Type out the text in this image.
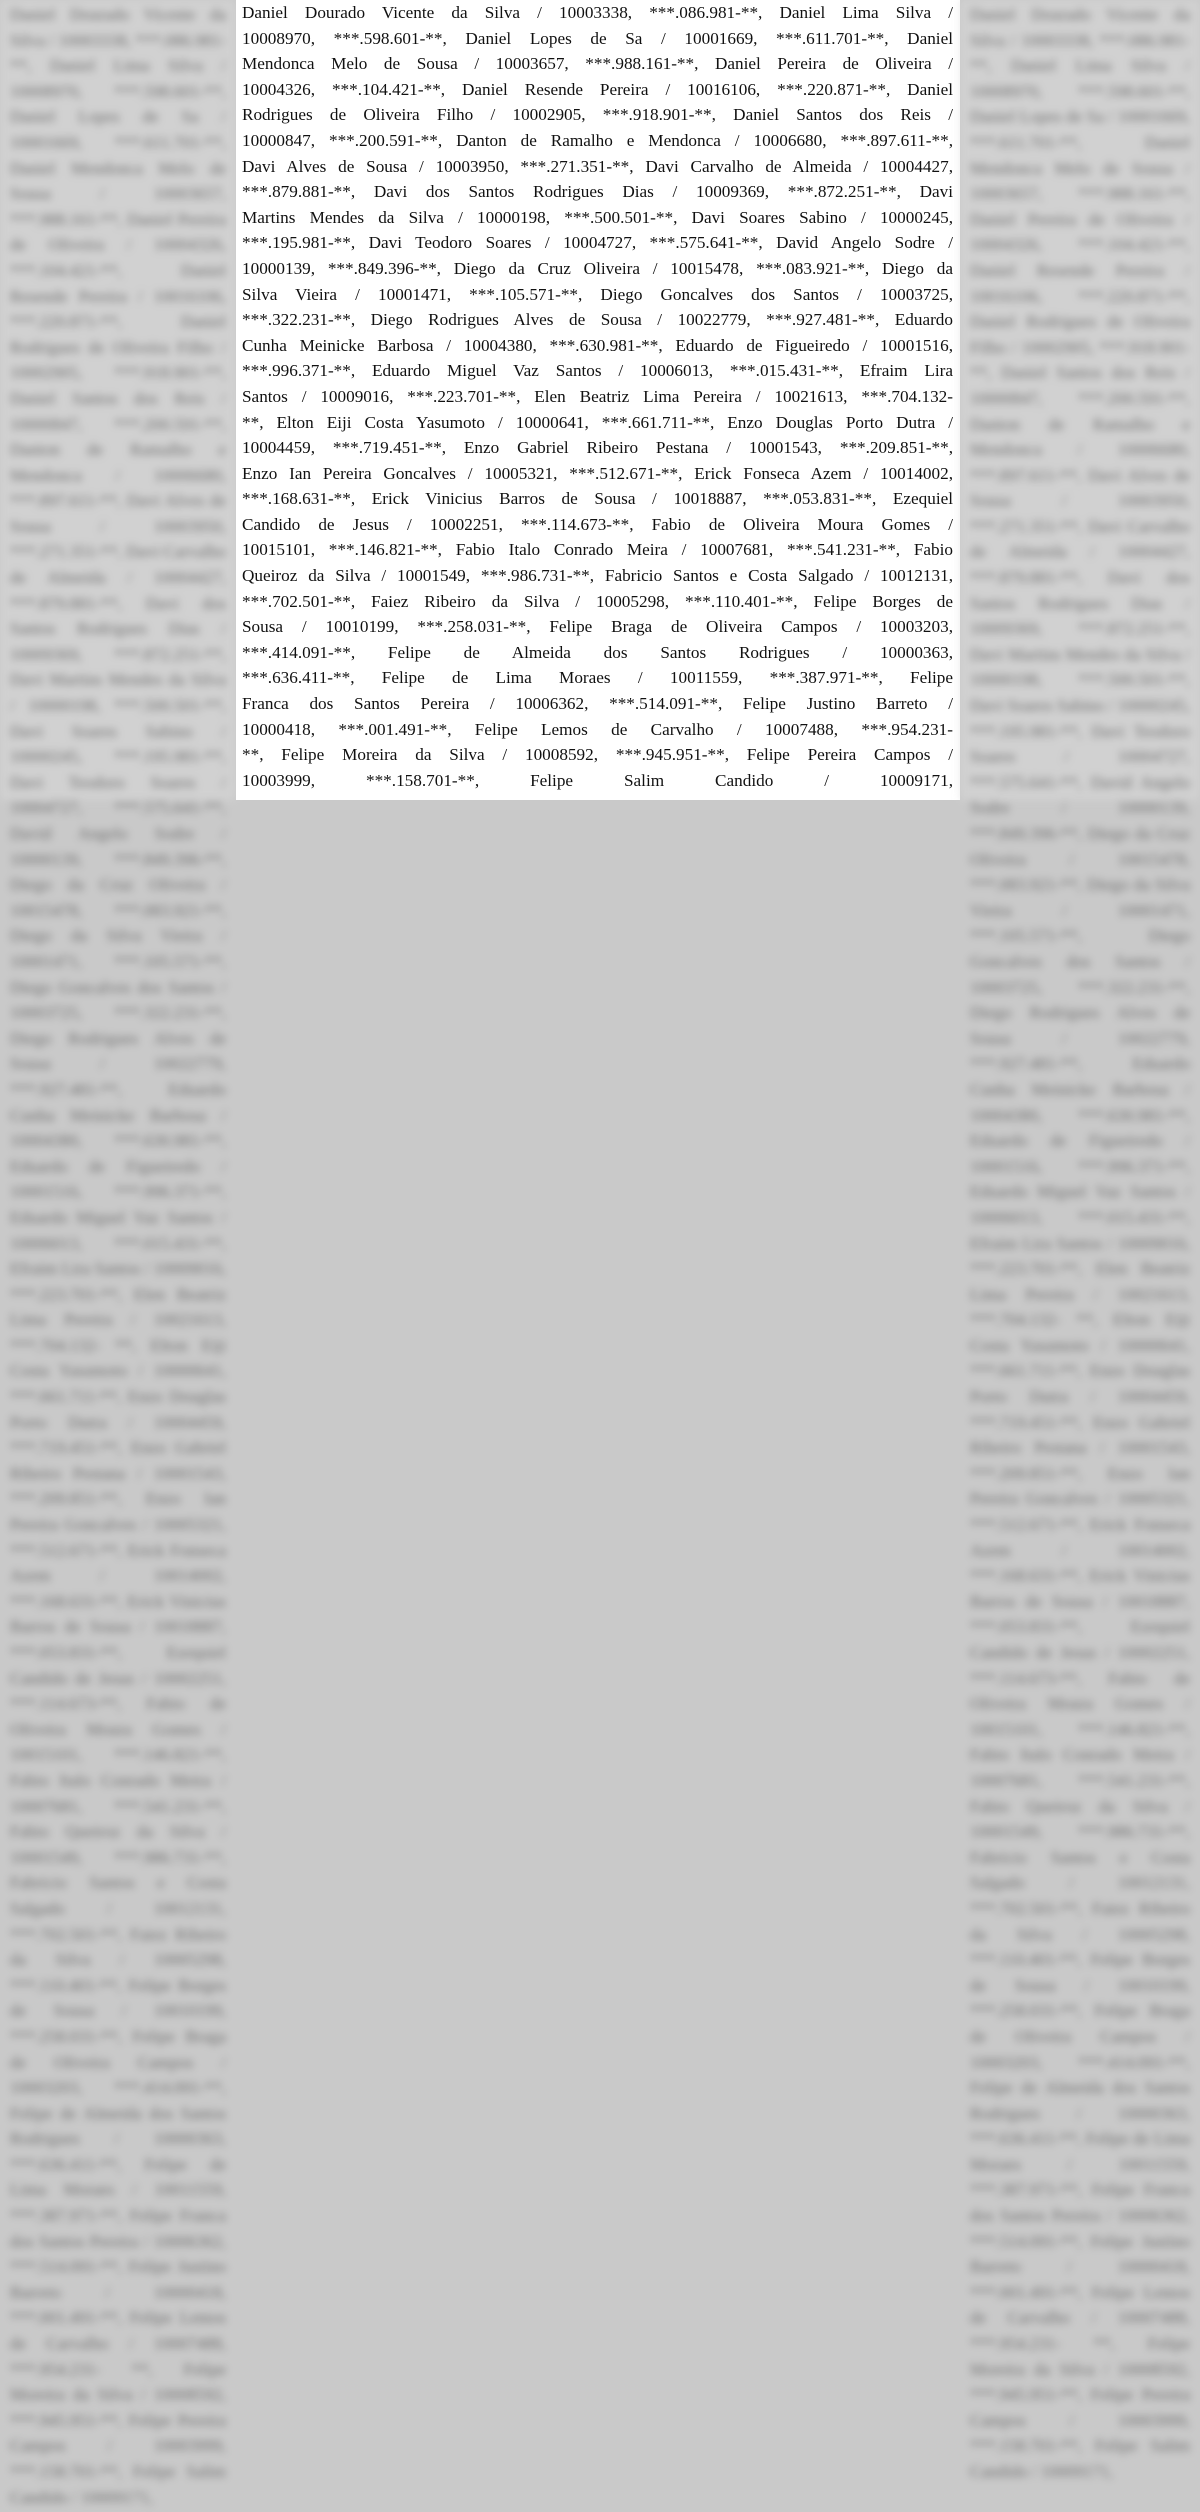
Daniel Dourado Vicente da Silva / 10003338, ***.086.981-**, Daniel Lima Silva / 10008970, ***.598.601-**, Daniel Lopes de Sa / 10001669, ***.611.701-**, Daniel Mendonca Melo de Sousa / 10003657, ***.988.161-**, Daniel Pereira de Oliveira / 10004326, ***.104.421-**, Daniel Resende Pereira / 10016106, ***.220.871-**, Daniel Rodrigues de Oliveira Filho / 10002905, ***.918.901-**, Daniel Santos dos Reis / 10000847, ***.200.591-**, Danton de Ramalho e Mendonca / 10006680, ***.897.611-**, Davi Alves de Sousa / 10003950, ***.271.351-**, Davi Carvalho de Almeida / 10004427, ***.879.881-**, Davi dos Santos Rodrigues Dias / 10009369, ***.872.251-**, Davi Martins Mendes da Silva / 10000198, ***.500.501-**, Davi Soares Sabino / 10000245, ***.195.981-**, Davi Teodoro Soares / 10004727, ***.575.641-**, David Angelo Sodre / 10000139, ***.849.396-**, Diego da Cruz Oliveira / 10015478, ***.083.921-**, Diego da Silva Vieira / 10001471, ***.105.571-**, Diego Goncalves dos Santos / 10003725, ***.322.231-**, Diego Rodrigues Alves de Sousa / 10022779, ***.927.481-**, Eduardo Cunha Meinicke Barbosa / 10004380, ***.630.981-**, Eduardo de Figueiredo / 10001516, ***.996.371-**, Eduardo Miguel Vaz Santos / 10006013, ***.015.431-**, Efraim Lira Santos / 10009016, ***.223.701-**, Elen Beatriz Lima Pereira / 10021613, ***.704.132- **, Elton Eiji Costa Yasumoto / 10000641, ***.661.711-**, Enzo Douglas Porto Dutra / 10004459, ***.719.451-**, Enzo Gabriel Ribeiro Pestana / 10001543, ***.209.851-**, Enzo Ian Pereira Goncalves / 10005321, ***.512.671-**, Erick Fonseca Azem / 10014002, ***.168.631-**, Erick Vinicius Barros de Sousa / 10018887, ***.053.831-**, Ezequiel Candido de Jesus / 10002251, ***.114.673-**, Fabio de Oliveira Moura Gomes / 10015101, ***.146.821-**, Fabio Italo Conrado Meira / 10007681, ***.541.231-**, Fabio Queiroz da Silva / 10001549, ***.986.731-**, Fabricio Santos e Costa Salgado / 10012131, ***.702.501-**, Faiez Ribeiro da Silva / 10005298, ***.110.401-**, Felipe Borges de Sousa / 10010199, ***.258.031-**, Felipe Braga de Oliveira Campos / 10003203, ***.414.091-**, Felipe de Almeida dos Santos Rodrigues / 10000363, ***.636.411-**, Felipe de Lima Moraes / 10011559, ***.387.971-**, Felipe Franca dos Santos Pereira / 10006362, ***.514.091-**, Felipe Justino Barreto / 10000418, ***.001.491-**, Felipe Lemos de Carvalho / 10007488, ***.954.231- **, Felipe Moreira da Silva / 10008592, ***.945.951-**, Felipe Pereira Campos / 10003999, ***.158.701-**, Felipe Salim Candido / 10009171,
Daniel Dourado Vicente da Silva / 10003338, ***.086.981-**, Daniel Lima Silva /
10008970, ***.598.601-**, Daniel Lopes de Sa / 10001669, ***.611.701-**, Daniel
Mendonca Melo de Sousa / 10003657, ***.988.161-**, Daniel Pereira de Oliveira /
10004326, ***.104.421-**, Daniel Resende Pereira / 10016106, ***.220.871-**, Daniel
Rodrigues de Oliveira Filho / 10002905, ***.918.901-**, Daniel Santos dos Reis /
10000847, ***.200.591-**, Danton de Ramalho e Mendonca / 10006680, ***.897.611-**,
Davi Alves de Sousa / 10003950, ***.271.351-**, Davi Carvalho de Almeida / 10004427,
***.879.881-**, Davi dos Santos Rodrigues Dias / 10009369, ***.872.251-**, Davi
Martins Mendes da Silva / 10000198, ***.500.501-**, Davi Soares Sabino / 10000245,
***.195.981-**, Davi Teodoro Soares / 10004727, ***.575.641-**, David Angelo Sodre /
10000139, ***.849.396-**, Diego da Cruz Oliveira / 10015478, ***.083.921-**, Diego da
Silva Vieira / 10001471, ***.105.571-**, Diego Goncalves dos Santos / 10003725,
***.322.231-**, Diego Rodrigues Alves de Sousa / 10022779, ***.927.481-**, Eduardo
Cunha Meinicke Barbosa / 10004380, ***.630.981-**, Eduardo de Figueiredo / 10001516,
***.996.371-**, Eduardo Miguel Vaz Santos / 10006013, ***.015.431-**, Efraim Lira
Santos / 10009016, ***.223.701-**, Elen Beatriz Lima Pereira / 10021613, ***.704.132-
**, Elton Eiji Costa Yasumoto / 10000641, ***.661.711-**, Enzo Douglas Porto Dutra /
10004459, ***.719.451-**, Enzo Gabriel Ribeiro Pestana / 10001543, ***.209.851-**,
Enzo Ian Pereira Goncalves / 10005321, ***.512.671-**, Erick Fonseca Azem / 10014002,
***.168.631-**, Erick Vinicius Barros de Sousa / 10018887, ***.053.831-**, Ezequiel
Candido de Jesus / 10002251, ***.114.673-**, Fabio de Oliveira Moura Gomes /
10015101, ***.146.821-**, Fabio Italo Conrado Meira / 10007681, ***.541.231-**, Fabio
Queiroz da Silva / 10001549, ***.986.731-**, Fabricio Santos e Costa Salgado / 10012131,
***.702.501-**, Faiez Ribeiro da Silva / 10005298, ***.110.401-**, Felipe Borges de
Sousa / 10010199, ***.258.031-**, Felipe Braga de Oliveira Campos / 10003203,
***.414.091-**, Felipe de Almeida dos Santos Rodrigues / 10000363,
***.636.411-**, Felipe de Lima Moraes / 10011559, ***.387.971-**, Felipe
Franca dos Santos Pereira / 10006362, ***.514.091-**, Felipe Justino Barreto /
10000418, ***.001.491-**, Felipe Lemos de Carvalho / 10007488, ***.954.231-
**, Felipe Moreira da Silva / 10008592, ***.945.951-**, Felipe Pereira Campos /
10003999, ***.158.701-**, Felipe Salim Candido / 10009171,
Daniel Dourado Vicente da Silva / 10003338, ***.086.981-**, Daniel Lima Silva / 10008970, ***.598.601-**, Daniel Lopes de Sa / 10001669, ***.611.701-**, Daniel Mendonca Melo de Sousa / 10003657, ***.988.161-**, Daniel Pereira de Oliveira / 10004326, ***.104.421-**, Daniel Resende Pereira / 10016106, ***.220.871-**, Daniel Rodrigues de Oliveira Filho / 10002905, ***.918.901-**, Daniel Santos dos Reis / 10000847, ***.200.591-**, Danton de Ramalho e Mendonca / 10006680, ***.897.611-**, Davi Alves de Sousa / 10003950, ***.271.351-**, Davi Carvalho de Almeida / 10004427, ***.879.881-**, Davi dos Santos Rodrigues Dias / 10009369, ***.872.251-**, Davi Martins Mendes da Silva / 10000198, ***.500.501-**, Davi Soares Sabino / 10000245, ***.195.981-**, Davi Teodoro Soares / 10004727, ***.575.641-**, David Angelo Sodre / 10000139, ***.849.396-**, Diego da Cruz Oliveira / 10015478, ***.083.921-**, Diego da Silva Vieira / 10001471, ***.105.571-**, Diego Goncalves dos Santos / 10003725, ***.322.231-**, Diego Rodrigues Alves de Sousa / 10022779, ***.927.481-**, Eduardo Cunha Meinicke Barbosa / 10004380, ***.630.981-**, Eduardo de Figueiredo / 10001516, ***.996.371-**, Eduardo Miguel Vaz Santos / 10006013, ***.015.431-**, Efraim Lira Santos / 10009016, ***.223.701-**, Elen Beatriz Lima Pereira / 10021613, ***.704.132- **, Elton Eiji Costa Yasumoto / 10000641, ***.661.711-**, Enzo Douglas Porto Dutra / 10004459, ***.719.451-**, Enzo Gabriel Ribeiro Pestana / 10001543, ***.209.851-**, Enzo Ian Pereira Goncalves / 10005321, ***.512.671-**, Erick Fonseca Azem / 10014002, ***.168.631-**, Erick Vinicius Barros de Sousa / 10018887, ***.053.831-**, Ezequiel Candido de Jesus / 10002251, ***.114.673-**, Fabio de Oliveira Moura Gomes / 10015101, ***.146.821-**, Fabio Italo Conrado Meira / 10007681, ***.541.231-**, Fabio Queiroz da Silva / 10001549, ***.986.731-**, Fabricio Santos e Costa Salgado / 10012131, ***.702.501-**, Faiez Ribeiro da Silva / 10005298, ***.110.401-**, Felipe Borges de Sousa / 10010199, ***.258.031-**, Felipe Braga de Oliveira Campos / 10003203, ***.414.091-**, Felipe de Almeida dos Santos Rodrigues / 10000363, ***.636.411-**, Felipe de Lima Moraes / 10011559, ***.387.971-**, Felipe Franca dos Santos Pereira / 10006362, ***.514.091-**, Felipe Justino Barreto / 10000418, ***.001.491-**, Felipe Lemos de Carvalho / 10007488, ***.954.231- **, Felipe Moreira da Silva / 10008592, ***.945.951-**, Felipe Pereira Campos / 10003999, ***.158.701-**, Felipe Salim Candido / 10009171,
